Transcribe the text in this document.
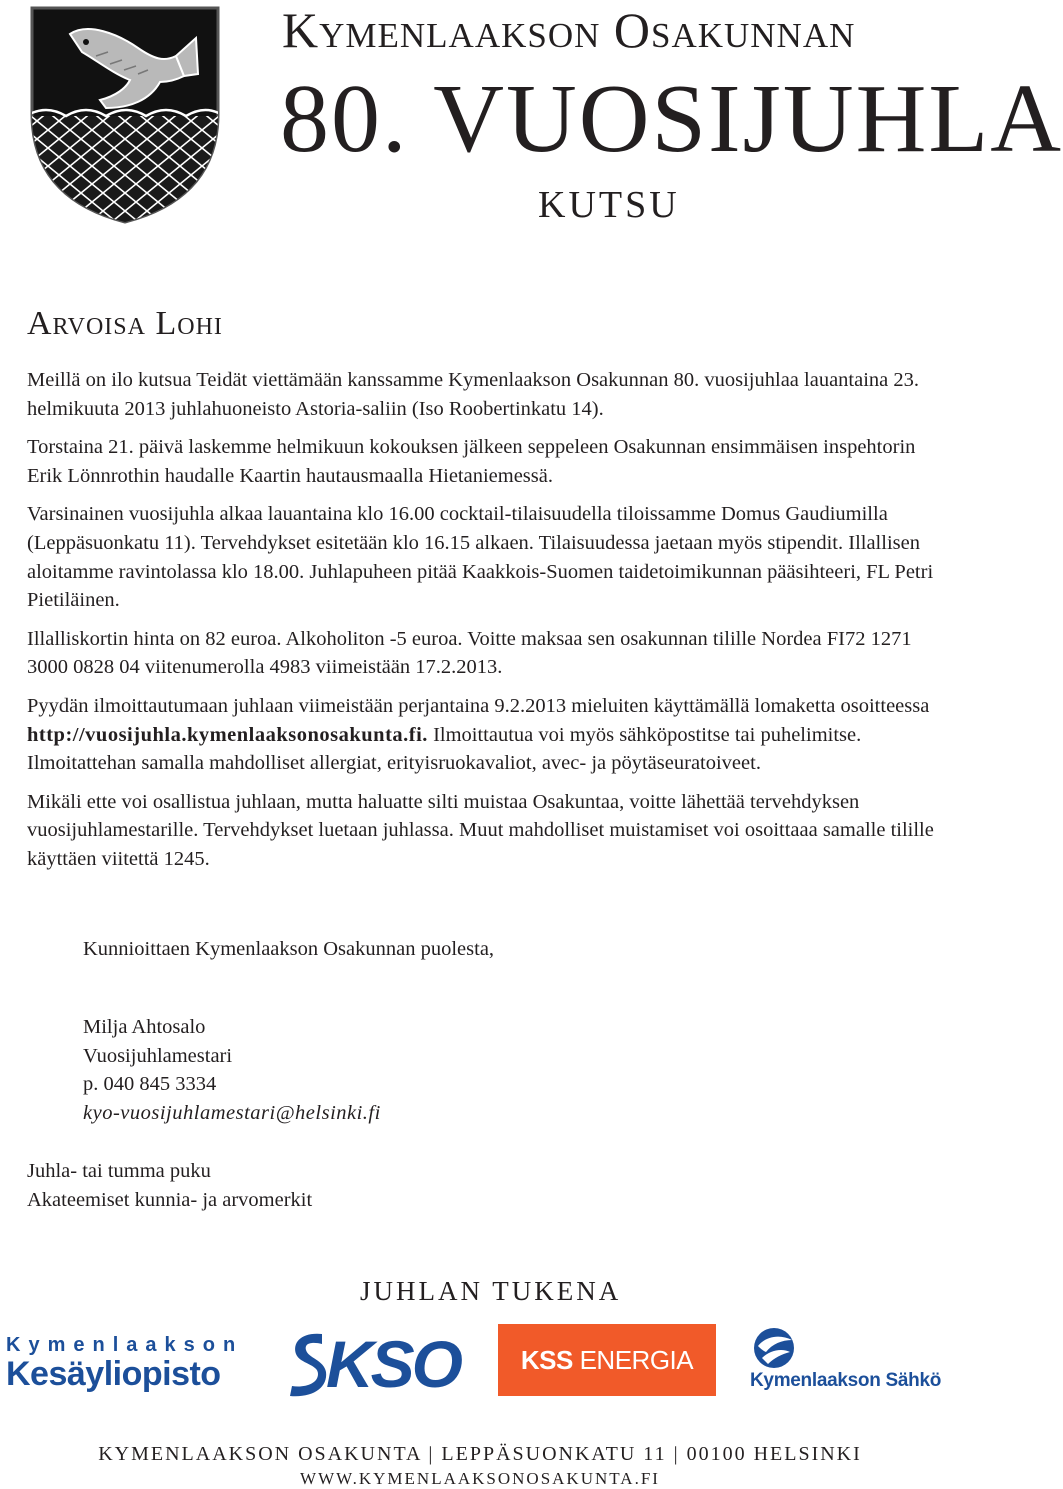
Kymenlaakson Osakunnan
80. VUOSIJUHLA
KUTSU
Arvoisa Lohi

Meillä on ilo kutsua Teidät viettämään kanssamme Kymenlaakson Osakunnan 80. vuosijuhlaa lauantaina 23. helmikuuta 2013 juhlahuoneisto Astoria-saliin (Iso Roobertinkatu 14).

Torstaina 21. päivä laskemme helmikuun kokouksen jälkeen seppeleen Osakunnan ensimmäisen inspehtorin Erik Lönnrothin haudalle Kaartin hautausmaalla Hietaniemessä.

Varsinainen vuosijuhla alkaa lauantaina klo 16.00 cocktail-tilaisuudella tiloissamme Domus Gaudiumilla (Leppäsuonkatu 11). Tervehdykset esitetään klo 16.15 alkaen. Tilaisuudessa jaetaan myös stipendit. Illallisen aloitamme ravintolassa klo 18.00. Juhlapuheen pitää Kaakkois-Suomen taidetoimikunnan pääsihteeri, FL Petri Pietiläinen.

Illalliskortin hinta on 82 euroa. Alkoholiton -5 euroa. Voitte maksaa sen osakunnan tilille Nordea FI72 1271 3000 0828 04 viitenumerolla 4983 viimeistään 17.2.2013.

Pyydän ilmoittautumaan juhlaan viimeistään perjantaina 9.2.2013 mieluiten käyttämällä lomaketta osoitteessa http://vuosijuhla.kymenlaaksonosakunta.fi. Ilmoittautua voi myös sähköpostitse tai puhelimitse. Ilmoitattehan samalla mahdolliset allergiat, erityisruokavaliot, avec- ja pöytäseuratoiveet.

Mikäli ette voi osallistua juhlaan, mutta haluatte silti muistaa Osakuntaa, voitte lähettää tervehdyksen vuosijuhlamestarille. Tervehdykset luetaan juhlassa. Muut mahdolliset muistamiset voi osoittaaa samalle tilille käyttäen viitettä 1245.

Kunnioittaen Kymenlaakson Osakunnan puolesta,
Milja Ahtosalo
Vuosijuhlamestari
p. 040 845 3334
kyo-vuosijuhlamestari@helsinki.fi
Juhla- tai tumma puku
Akateemiset kunnia- ja arvomerkit
JUHLAN TUKENA
Kymenlaakson
Kesäyliopisto KSO KSS ENERGIA
Kymenlaakson Sähkö
KYMENLAAKSON OSAKUNTA | LEPPÄSUONKATU 11 | 00100 HELSINKI
WWW.KYMENLAAKSONOSAKUNTA.FI
